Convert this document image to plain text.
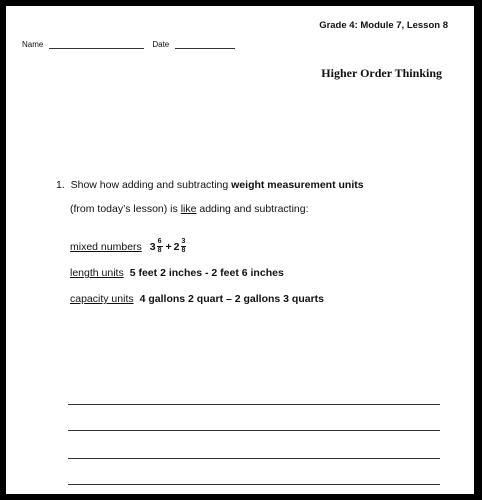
Grade 4: Module 7, Lesson 8
Name	Date
Higher Order Thinking
1. Show how adding and subtracting weight measurement units
(from today’s lesson) is like adding and subtracting:
mixed numbers $3 \frac{6}{8} + 2 \frac{3}{8}$
length units 5 feet 2 inches - 2 feet 6 inches
capacity units 4 gallons 2 quart – 2 gallons 3 quarts
